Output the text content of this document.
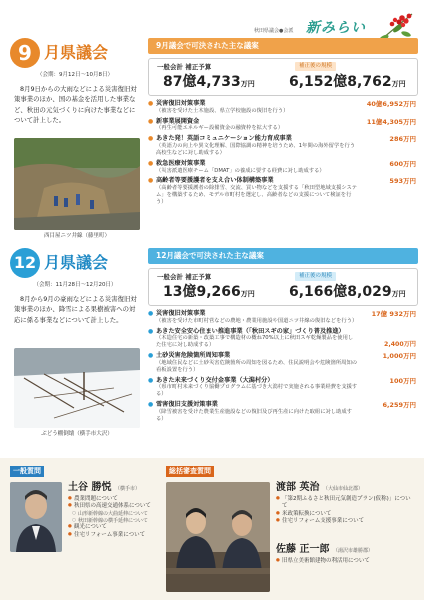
秋田県議会●会派 新みらい
9 月県議会
（会期：9月12日〜10月8日）
8月9日からの大雨などによる災害復旧対策事業のほか、国の基金を活用した事業など、秋田の元気づくりに向けた事業などについて計上した。
西目屋ニツ井線（藤里町）
9月議会で可決された主な議案
一般会計 補正予算
87億4,733万円
補正後の規模
6,152億8,762万円
● 災害復旧対策事業	40億6,952万円
（被害を受けた土木施設、県立学校施設の復旧を行う）
● 新事業展開資金	11億4,305万円
（再生可能エネルギー設備資金の融資枠を拡大する）
● あきた発！英語コミュニケーション能力育成事業	286万円
（英語力の向上や異文化理解、国際協調の精神を培うため、1年間の海外留学を行う高校生などに対し助成する）
● 救急医療対策事業	600万円
（災害派遣医療チーム「DMAT」の養成に要する経費に対し助成する）
● 高齢者等要援護者を支え合い体制構築事業	593万円
（高齢者等要援護者の除排雪、交流、買い物などを支援する「秋田型地域支援システム」を構築するため、モデル市町村を選定し、高齢者などの支援について検証を行う）
12 月県議会
（会期：11月28日〜12月20日）
8月から9月の豪雨などによる災害復旧対策事業のほか、降雪による果樹被害への対応に係る事業などについて計上した。
ぶどう棚倒壊（横手市大沢）
12月議会で可決された主な議案
一般会計 補正予算
13億9,266万円
補正後の規模
6,166億8,029万円
● 災害復旧対策事業	17億 932万円
（被害を受けた市町村営などの農地・農業用施設や国道ニツ井線の復旧などを行う）
● あきた安全安心住まい推進事業（「秋田スギの家」づくり普及推進）
（木造住宅の新築・改築工事で構造材の概ね70%以上に秋田スギ乾燥製品を使用した住宅に対し助成する）	2,400万円
● 土砂災害危険箇所周知事業	1,000万円
（地域住民などに土砂災害危険箇所の周知を図るため、住民説明会や危険箇所周知の看板設置を行う）
● あきた未来づくり交付金事業（大潟村分）	100万円
（県市町村未来づくり協働プログラムに基づき大潟村で実施される事業経費を支援する）
● 雪害復旧支援対策事業	6,259万円
（降雪被害を受けた農業生産施設などの復旧及び再生産に向けた取組に対し助成する）
一般質問
土谷 勝悦 （横手市）
● 農業問題について
● 秋田県の高速交通体系について
○ 山形新幹線の大曲延伸について
○ 秋田新幹線の横手延伸について
● 観光について
● 住宅リフォーム事業について
総括審査質問
渡部 英治 （大仙市仙北郡）
● 「第2期ふるさと秋田元気創造プラン(仮称)」について
● 米政策転換について
● 住宅リフォーム支援事業について
佐藤 正一郎 （湯沢市雄勝郡）
● 旧県立美術館建物の利活用について
